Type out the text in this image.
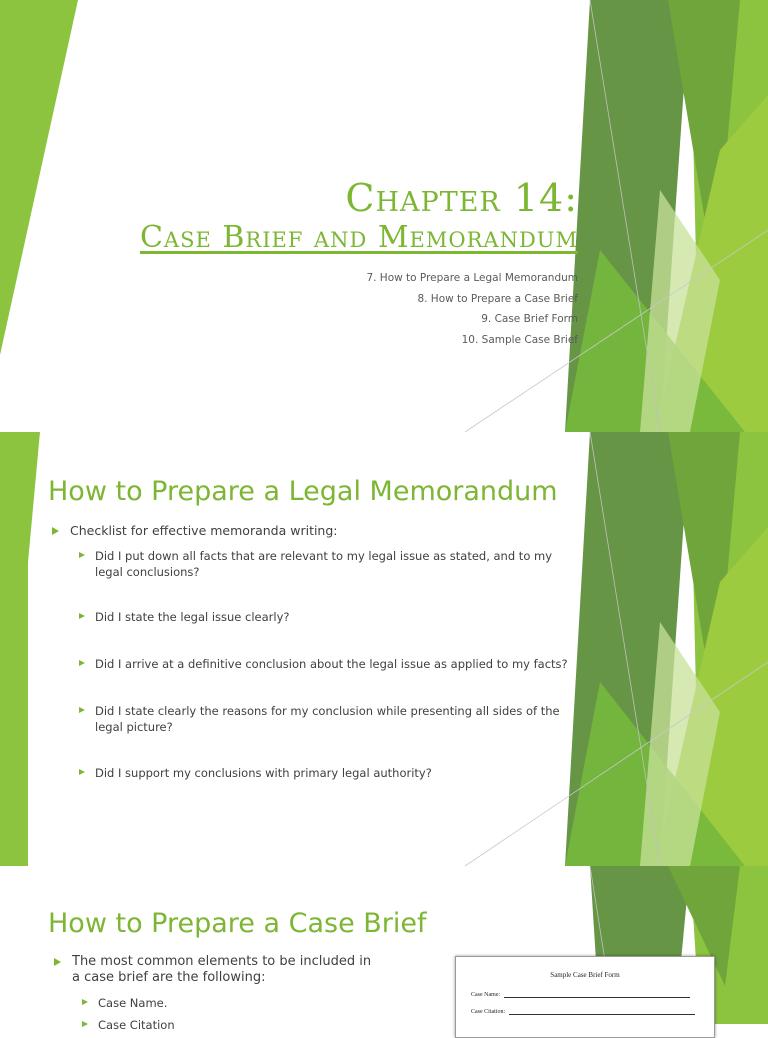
Chapter 14:
Case Brief and Memorandum
7. How to Prepare a Legal Memorandum
8. How to Prepare a Case Brief
9. Case Brief Form
10. Sample Case Brief
How to Prepare a Legal Memorandum
Checklist for effective memoranda writing:
Did I put down all facts that are relevant to my legal issue as stated, and to my legal conclusions?
Did I state the legal issue clearly?
Did I arrive at a definitive conclusion about the legal issue as applied to my facts?
Did I state clearly the reasons for my conclusion while presenting all sides of the legal picture?
Did I support my conclusions with primary legal authority?
How to Prepare a Case Brief
The most common elements to be included in a case brief are the following:
Case Name.
Case Citation
Sample Case Brief Form
Case Name:
Case Citation:
